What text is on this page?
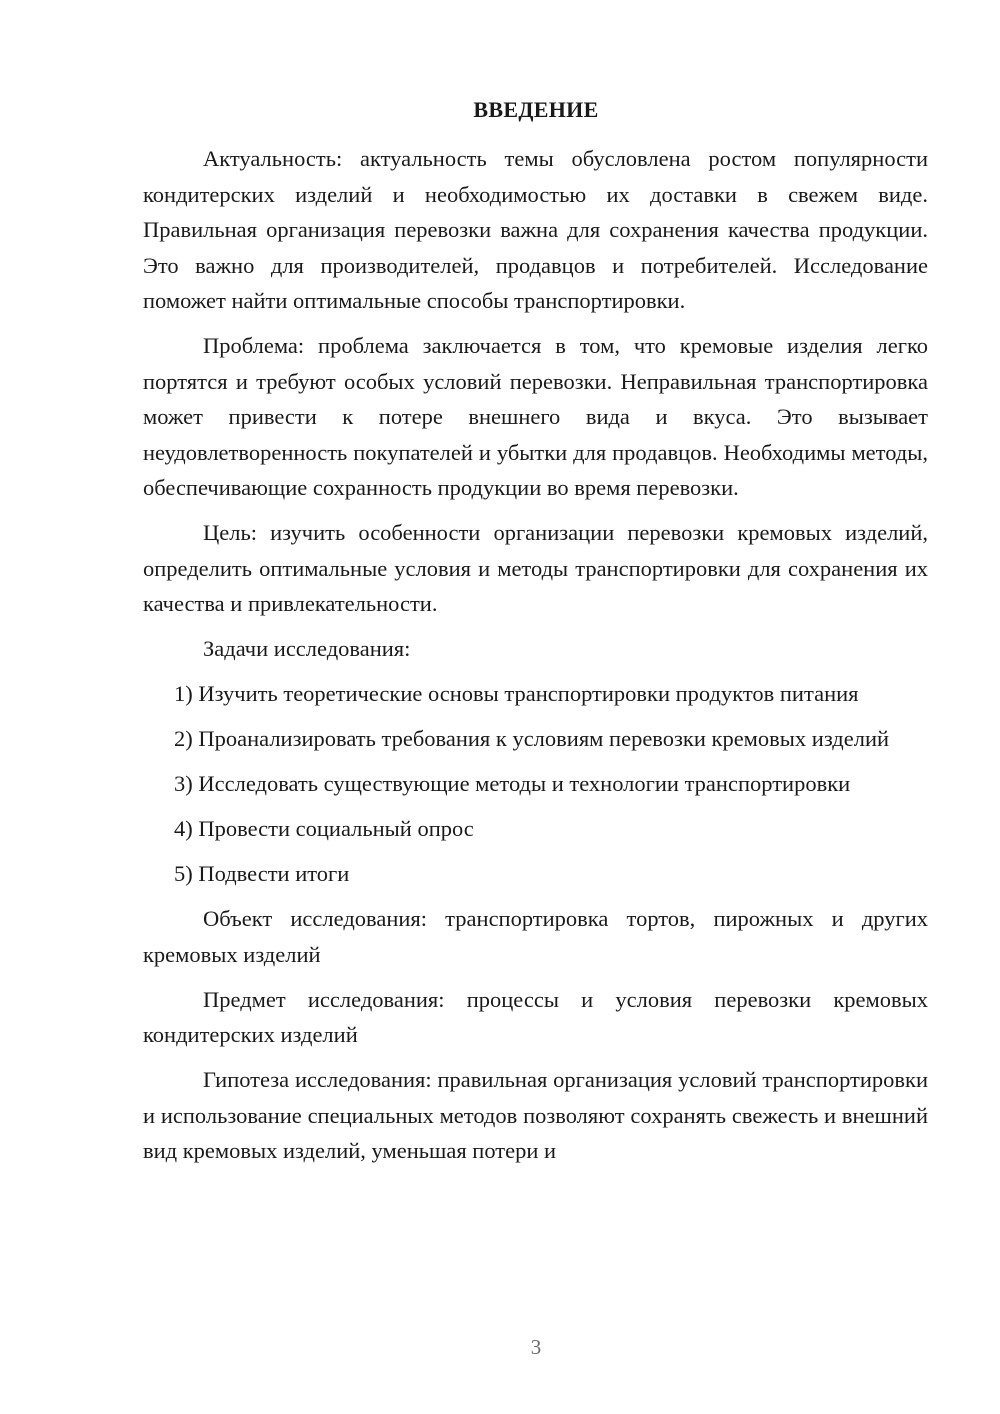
ВВЕДЕНИЕ

Актуальность: актуальность темы обусловлена ростом популярности кондитерских изделий и необходимостью их доставки в свежем виде. Правильная организация перевозки важна для сохранения качества продукции. Это важно для производителей, продавцов и потребителей. Исследование поможет найти оптимальные способы транспортировки.

Проблема: проблема заключается в том, что кремовые изделия легко портятся и требуют особых условий перевозки. Неправильная транспортировка может привести к потере внешнего вида и вкуса. Это вызывает неудовлетворенность покупателей и убытки для продавцов. Необходимы методы, обеспечивающие сохранность продукции во время перевозки.

Цель: изучить особенности организации перевозки кремовых изделий, определить оптимальные условия и методы транспортировки для сохранения их качества и привлекательности.

Задачи исследования:

1) Изучить теоретические основы транспортировки продуктов питания

2) Проанализировать требования к условиям перевозки кремовых изделий

3) Исследовать существующие методы и технологии транспортировки

4) Провести социальный опрос

5) Подвести итоги

Объект исследования: транспортировка тортов, пирожных и других кремовых изделий

Предмет исследования: процессы и условия перевозки кремовых кондитерских изделий

Гипотеза исследования: правильная организация условий транспортировки и использование специальных методов позволяют сохранять свежесть и внешний вид кремовых изделий, уменьшая потери и

3
